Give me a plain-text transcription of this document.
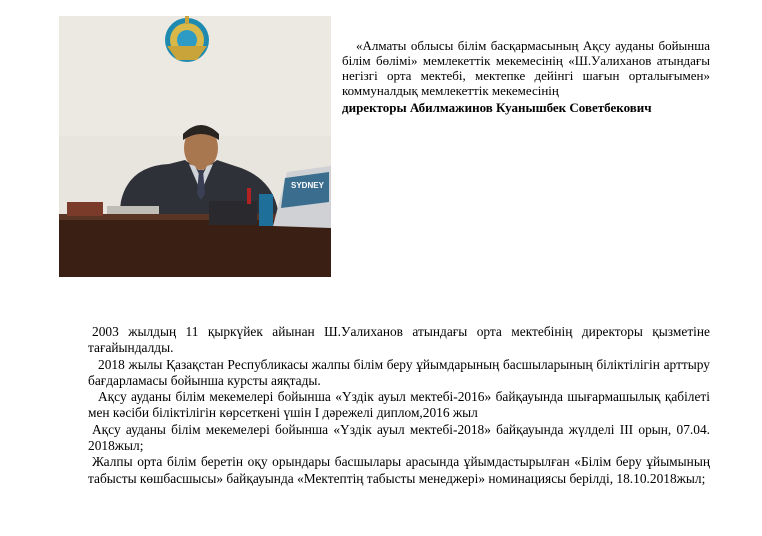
SYDNEY

«Алматы облысы білім басқармасының Ақсу ауданы бойынша білім бөлімі» мемлекеттік мекемесінің «Ш.Уалиханов атындағы негізгі орта мектебі, мектепке дейінгі шағын орталығымен» коммуналдық мемлекеттік мекемесінің

директоры Абилмажинов Куанышбек Советбекович

2003 жылдың 11 қыркүйек айынан Ш.Уалиханов атындағы орта мектебінің директоры қызметіне тағайындалды.

2018 жылы Қазақстан Республикасы жалпы білім беру ұйымдарының басшыларының біліктілігін арттыру бағдарламасы бойынша курсты аяқтады.

Ақсу ауданы білім мекемелері бойынша «Үздік ауыл мектебі-2016» байқауында шығармашылық қабілеті мен кәсіби біліктілігін көрсеткені үшін I дәрежелі диплом,2016 жыл

Ақсу ауданы білім мекемелері бойынша «Үздік ауыл мектебі-2018» байқауында жүлделі III орын, 07.04. 2018жыл;

Жалпы орта білім беретін оқу орындары басшылары арасында ұйымдастырылған «Білім беру ұйымының табысты көшбасшысы» байқауында «Мектептің табысты менеджері» номинациясы берілді, 18.10.2018жыл;
